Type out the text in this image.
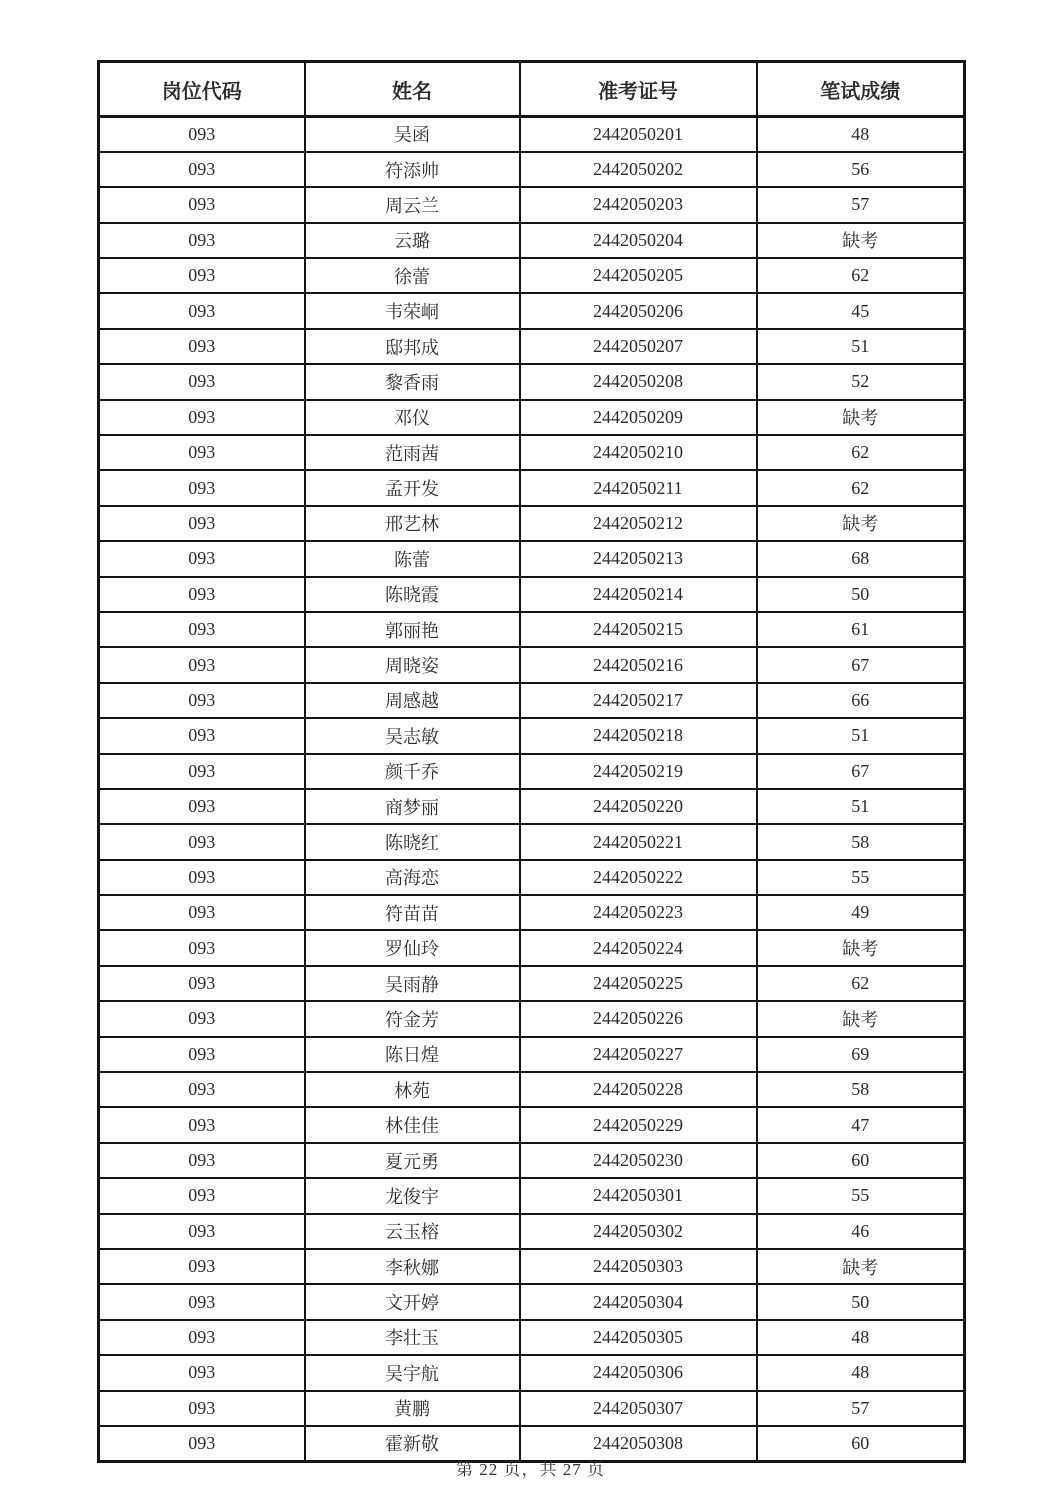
岗位代码	姓名	准考证号	笔试成绩
093	吴函	2442050201	48
093	符添帅	2442050202	56
093	周云兰	2442050203	57
093	云璐	2442050204	缺考
093	徐蕾	2442050205	62
093	韦荣峒	2442050206	45
093	邸邦成	2442050207	51
093	黎香雨	2442050208	52
093	邓仪	2442050209	缺考
093	范雨茜	2442050210	62
093	孟开发	2442050211	62
093	邢艺林	2442050212	缺考
093	陈蕾	2442050213	68
093	陈晓霞	2442050214	50
093	郭丽艳	2442050215	61
093	周晓姿	2442050216	67
093	周感越	2442050217	66
093	吴志敏	2442050218	51
093	颜千乔	2442050219	67
093	商梦丽	2442050220	51
093	陈晓红	2442050221	58
093	高海恋	2442050222	55
093	符苗苗	2442050223	49
093	罗仙玲	2442050224	缺考
093	吴雨静	2442050225	62
093	符金芳	2442050226	缺考
093	陈日煌	2442050227	69
093	林苑	2442050228	58
093	林佳佳	2442050229	47
093	夏元勇	2442050230	60
093	龙俊宇	2442050301	55
093	云玉榕	2442050302	46
093	李秋娜	2442050303	缺考
093	文开婷	2442050304	50
093	李壮玉	2442050305	48
093	吴宇航	2442050306	48
093	黄鹏	2442050307	57
093	霍新敬	2442050308	60
第 22 页，共 27 页
